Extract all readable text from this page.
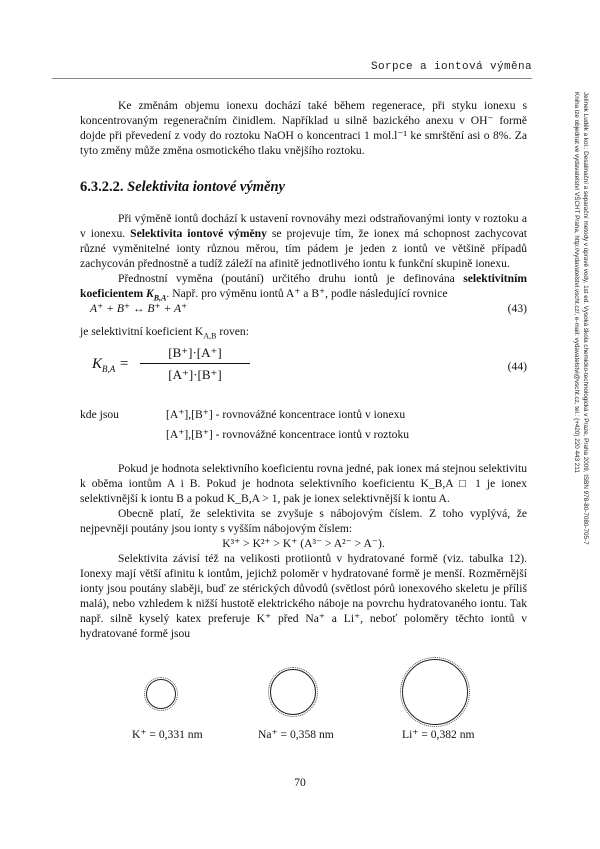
Sorpce a iontová výměna
Jelínek Luděk a kol.: Desalinační a separační metody v úpravě vody, 1st ed. Vysoká škola chemicko-technologická v Praze, Praha 2009, ISBN 978-80-7080-705-7
Kniha lze objednat ve vydavatelství VŠCHT Praha, http://vydavatelstvi.vscht.cz/, e-mail: vydavatelstvi@vscht.cz, tel.: (+420) 220 443 211

Ke změnám objemu ionexu dochází také během regenerace, při styku ionexu s koncentrovaným regeneračním činidlem. Například u silně bazického anexu v OH⁻ formě dojde při převedení z vody do roztoku NaOH o koncentraci 1 mol.l⁻¹ ke smrštění asi o 8%. Za tyto změny může změna osmotického tlaku vnějšího roztoku.

6.3.2.2. Selektivita iontové výměny

Při výměně iontů dochází k ustavení rovnováhy mezi odstraňovanými ionty v roztoku a v ionexu. Selektivita iontové výměny se projevuje tím, že ionex má schopnost zachycovat různé vyměnitelné ionty různou měrou, tím pádem je jeden z iontů ve většině případů zachycován přednostně a tudíž záleží na afinitě jednotlivého iontu k funkční skupině ionexu.

Přednostní vyměna (poutání) určitého druhu iontů je definována selektivitním koeficientem $K_{B,A}$. Např. pro výměnu iontů A⁺ a B⁺, podle následující rovnice

A⁺ + B⁺ ↔ B⁺ + A⁺	(43)
je selektivitní koeficient $K_{A,B}$ roven:
$K_{B,A} = \frac{[B^+]\cdot[A^+]}{[A^+]\cdot[B^+]}$	(44)
kde jsou	[A⁺],[B⁺] - rovnovážné koncentrace iontů v ionexu
[A⁺],[B⁺] - rovnovážné koncentrace iontů v roztoku

Pokud je hodnota selektivního koeficientu rovna jedné, pak ionex má stejnou selektivitu k oběma iontům A i B. Pokud je hodnota selektivního koeficientu K_B,A □ 1 je ionex selektivnější k iontu B a pokud K_B,A > 1, pak je ionex selektivnější k iontu A.

Obecně platí, že selektivita se zvyšuje s nábojovým číslem. Z toho vyplývá, že nejpevněji poutány jsou ionty s vyšším nábojovým číslem:

K³⁺ > K²⁺ > K⁺ (A³⁻ > A²⁻ > A⁻).

Selektivita závisí též na velikosti protiiontů v hydratované formě (viz. tabulka 12). Ionexy mají větší afinitu k iontům, jejichž poloměr v hydratované formě je menší. Rozměrnější ionty jsou poutány slaběji, buď ze stérických důvodů (světlost pórů ionexového skeletu je příliš malá), nebo vzhledem k nižší hustotě elektrického náboje na povrchu hydratovaného iontu. Tak např. silně kyselý katex preferuje K⁺ před Na⁺ a Li⁺, neboť poloměry těchto iontů v hydratované formě jsou

K⁺ = 0,331 nm	Na⁺ = 0,358 nm	Li⁺ = 0,382 nm
70
